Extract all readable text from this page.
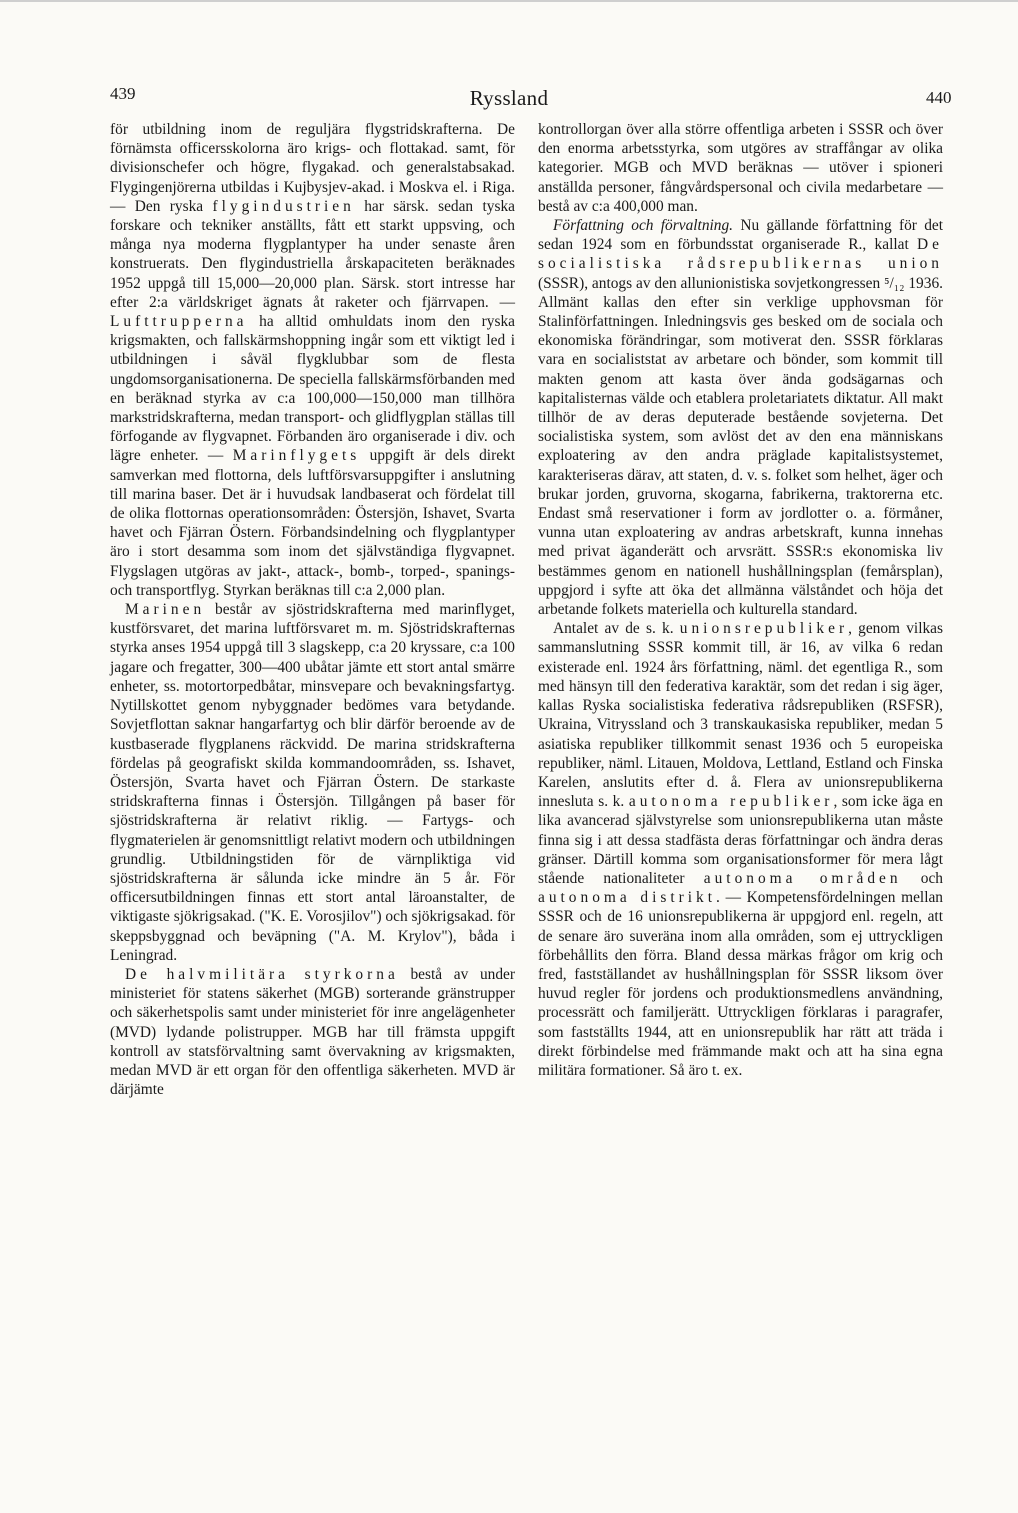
439	Ryssland	440

för utbildning inom de reguljära flygstridskrafterna. De förnämsta officersskolorna äro krigs- och flottakad. samt, för divisionschefer och högre, flygakad. och generalstabsakad. Flygingenjörerna utbildas i Kujbysjev-akad. i Moskva el. i Riga. — Den ryska flygindustrien har särsk. sedan tyska forskare och tekniker anställts, fått ett starkt uppsving, och många nya moderna flygplantyper ha under senaste åren konstruerats. Den flygindustriella årskapaciteten beräknades 1952 uppgå till 15,000—20,000 plan. Särsk. stort intresse har efter 2:a världskriget ägnats åt raketer och fjärrvapen. — Lufttrupperna ha alltid omhuldats inom den ryska krigsmakten, och fallskärmshoppning ingår som ett viktigt led i utbildningen i såväl flygklubbar som de flesta ungdomsorganisationerna. De speciella fallskärmsförbanden med en beräknad styrka av c:a 100,000—150,000 man tillhöra markstridskrafterna, medan transport- och glidflygplan ställas till förfogande av flygvapnet. Förbanden äro organiserade i div. och lägre enheter. — Marinflygets uppgift är dels direkt samverkan med flottorna, dels luftförsvarsuppgifter i anslutning till marina baser. Det är i huvudsak landbaserat och fördelat till de olika flottornas operationsområden: Östersjön, Ishavet, Svarta havet och Fjärran Östern. Förbandsindelning och flygplantyper äro i stort desamma som inom det självständiga flygvapnet. Flygslagen utgöras av jakt-, attack-, bomb-, torped-, spanings- och transportflyg. Styrkan beräknas till c:a 2,000 plan.

Marinen består av sjöstridskrafterna med marinflyget, kustförsvaret, det marina luftförsvaret m. m. Sjöstridskrafternas styrka anses 1954 uppgå till 3 slagskepp, c:a 20 kryssare, c:a 100 jagare och fregatter, 300—400 ubåtar jämte ett stort antal smärre enheter, ss. motortorpedbåtar, minsvepare och bevakningsfartyg. Nytillskottet genom nybyggnader bedömes vara betydande. Sovjetflottan saknar hangarfartyg och blir därför beroende av de kustbaserade flygplanens räckvidd. De marina stridskrafterna fördelas på geografiskt skilda kommandoområden, ss. Ishavet, Östersjön, Svarta havet och Fjärran Östern. De starkaste stridskrafterna finnas i Östersjön. Tillgången på baser för sjöstridskrafterna är relativt riklig. — Fartygs- och flygmaterielen är genomsnittligt relativt modern och utbildningen grundlig. Utbildningstiden för de värnpliktiga vid sjöstridskrafterna är sålunda icke mindre än 5 år. För officersutbildningen finnas ett stort antal läroanstalter, de viktigaste sjökrigsakad. ("K. E. Vorosjilov") och sjökrigsakad. för skeppsbyggnad och beväpning ("A. M. Krylov"), båda i Leningrad.

De halvmilitära styrkorna bestå av under ministeriet för statens säkerhet (MGB) sorterande gränstrupper och säkerhetspolis samt under ministeriet för inre angelägenheter (MVD) lydande polistrupper. MGB har till främsta uppgift kontroll av statsförvaltning samt övervakning av krigsmakten, medan MVD är ett organ för den offentliga säkerheten. MVD är därjämte

kontrollorgan över alla större offentliga arbeten i SSSR och över den enorma arbetsstyrka, som utgöres av straffångar av olika kategorier. MGB och MVD beräknas — utöver i spioneri anställda personer, fångvårdspersonal och civila medarbetare — bestå av c:a 400,000 man.

Författning och förvaltning. Nu gällande författning för det sedan 1924 som en förbundsstat organiserade R., kallat De socialistiska rådsrepublikernas union (SSSR), antogs av den allunionistiska sovjetkongressen ⁵/₁₂ 1936. Allmänt kallas den efter sin verklige upphovsman för Stalinförfattningen. Inledningsvis ges besked om de sociala och ekonomiska förändringar, som motiverat den. SSSR förklaras vara en socialiststat av arbetare och bönder, som kommit till makten genom att kasta över ända godsägarnas och kapitalisternas välde och etablera proletariatets diktatur. All makt tillhör de av deras deputerade bestående sovjeterna. Det socialistiska system, som avlöst det av den ena människans exploatering av den andra präglade kapitalistsystemet, karakteriseras därav, att staten, d. v. s. folket som helhet, äger och brukar jorden, gruvorna, skogarna, fabrikerna, traktorerna etc. Endast små reservationer i form av jordlotter o. a. förmåner, vunna utan exploatering av andras arbetskraft, kunna innehas med privat äganderätt och arvsrätt. SSSR:s ekonomiska liv bestämmes genom en nationell hushållningsplan (femårsplan), uppgjord i syfte att öka det allmänna välståndet och höja det arbetande folkets materiella och kulturella standard.

Antalet av de s. k. unionsrepubliker, genom vilkas sammanslutning SSSR kommit till, är 16, av vilka 6 redan existerade enl. 1924 års författning, näml. det egentliga R., som med hänsyn till den federativa karaktär, som det redan i sig äger, kallas Ryska socialistiska federativa rådsrepubliken (RSFSR), Ukraina, Vitryssland och 3 transkaukasiska republiker, medan 5 asiatiska republiker tillkommit senast 1936 och 5 europeiska republiker, näml. Litauen, Moldova, Lettland, Estland och Finska Karelen, anslutits efter d. å. Flera av unionsrepublikerna inneslutа s. k. autonoma republiker, som icke äga en lika avancerad självstyrelse som unionsrepublikerna utan måste finna sig i att dessa stadfästa deras författningar och ändra deras gränser. Därtill komma som organisationsformer för mera lågt stående nationaliteter autonoma områden och autonoma distrikt. — Kompetensfördelningen mellan SSSR och de 16 unionsrepublikerna är uppgjord enl. regeln, att de senare äro suveräna inom alla områden, som ej uttryckligen förbehållits den förra. Bland dessa märkas frågor om krig och fred, fastställandet av hushållningsplan för SSSR liksom över huvud regler för jordens och produktionsmedlens användning, processrätt och familjerätt. Uttryckligen förklaras i paragrafer, som fastställts 1944, att en unionsrepublik har rätt att träda i direkt förbindelse med främmande makt och att ha sina egna militära formationer. Så äro t. ex.
